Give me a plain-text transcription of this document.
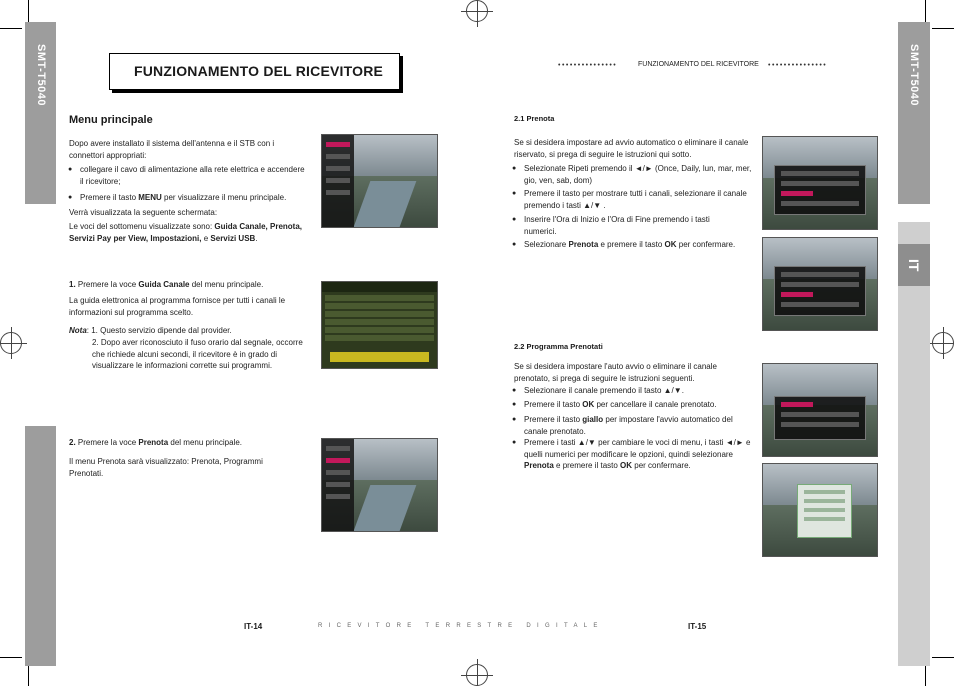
SMT-T5040	SMT-T5040
IT
FUNZIONAMENTO DEL RICEVITORE
Menu principale
Dopo avere installato il sistema dell'antenna e il STB con i connettori appropriati:
● collegare il cavo di alimentazione alla rete elettrica e accendere il ricevitore;
● Premere il tasto MENU per visualizzare il menu principale.
Verrà visualizzata la seguente schermata:
Le voci del sottomenu visualizzate sono: Guida Canale, Prenota, Servizi Pay per View, Impostazioni, e Servizi USB.
1. Premere la voce Guida Canale del menu principale.
La guida elettronica al programma fornisce per tutti i canali le informazioni sul programma scelto.
Nota: 1. Questo servizio dipende dal provider.
2. Dopo aver riconosciuto il fuso orario dal segnale, occorre che richiede alcuni secondi, il ricevitore è in grado di visualizzare le informazioni corrette sui programmi.
2. Premere la voce Prenota del menu principale.
Il menu Prenota sarà visualizzato: Prenota, Programmi Prenotati.
IT-14
•••••••••••••••	FUNZIONAMENTO DEL RICEVITORE •••••••••••••••
2.1 Prenota
Se si desidera impostare ad avvio automatico o eliminare il canale riservato, si prega di seguire le istruzioni qui sotto.
● Selezionate Ripeti premendo il ◄/► (Once, Daily, lun, mar, mer, gio, ven, sab, dom)
● Premere il tasto per mostrare tutti i canali, selezionare il canale premendo i tasti ▲/▼ .
● Inserire l'Ora di Inizio e l'Ora di Fine premendo i tasti numerici.
● Selezionare Prenota e premere il tasto OK per confermare.
2.2 Programma Prenotati
Se si desidera impostare l'auto avvio o eliminare il canale prenotato, si prega di seguire le istruzioni seguenti.
● Selezionare il canale premendo il tasto ▲/▼.
● Premere il tasto OK per cancellare il canale prenotato.
● Premere il tasto giallo per impostare l'avvio automatico del canale prenotato.
● Premere i tasti ▲/▼ per cambiare le voci di menu, i tasti ◄/► e quelli numerici per modificare le opzioni, quindi selezionare Prenota e premere il tasto OK per confermare.
RICEVITORE TERRESTRE DIGITALE	IT-15
